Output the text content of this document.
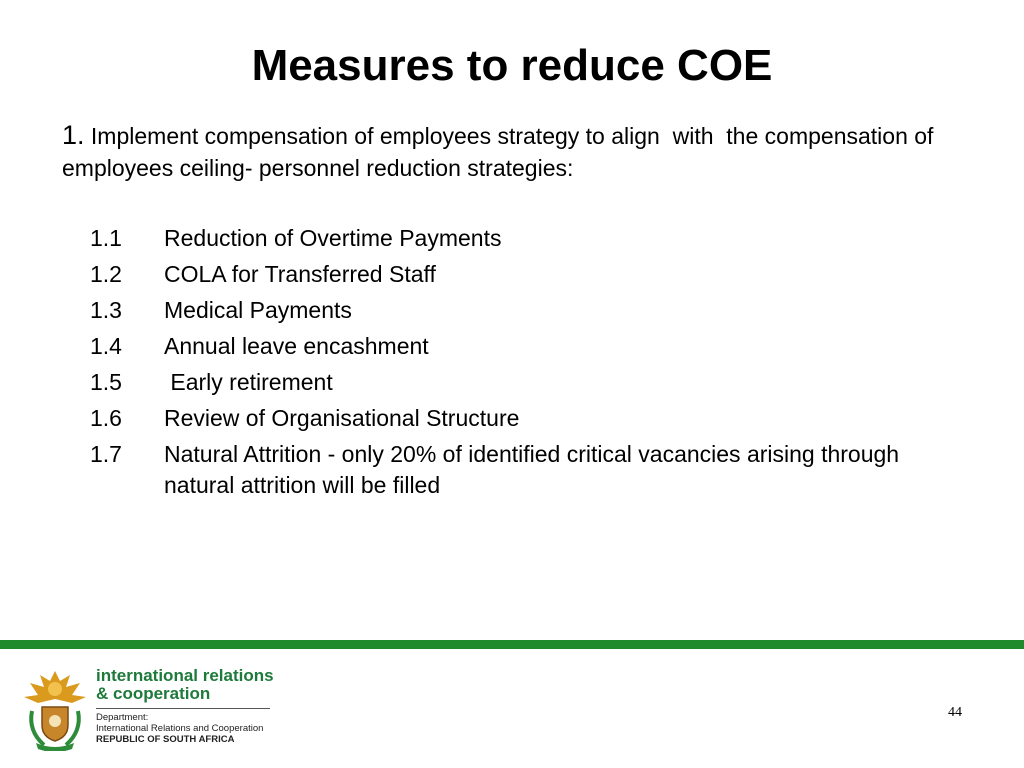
Measures to reduce COE
1. Implement compensation of employees strategy to align  with  the compensation of employees ceiling- personnel reduction strategies:
1.1	Reduction of Overtime Payments
1.2	COLA for Transferred Staff
1.3	Medical Payments
1.4	Annual leave encashment
1.5	Early retirement
1.6	Review of Organisational Structure
1.7	Natural Attrition - only 20% of identified critical vacancies arising through natural attrition will be filled
international relations
& cooperation
Department:
International Relations and Cooperation
REPUBLIC OF SOUTH AFRICA
44
